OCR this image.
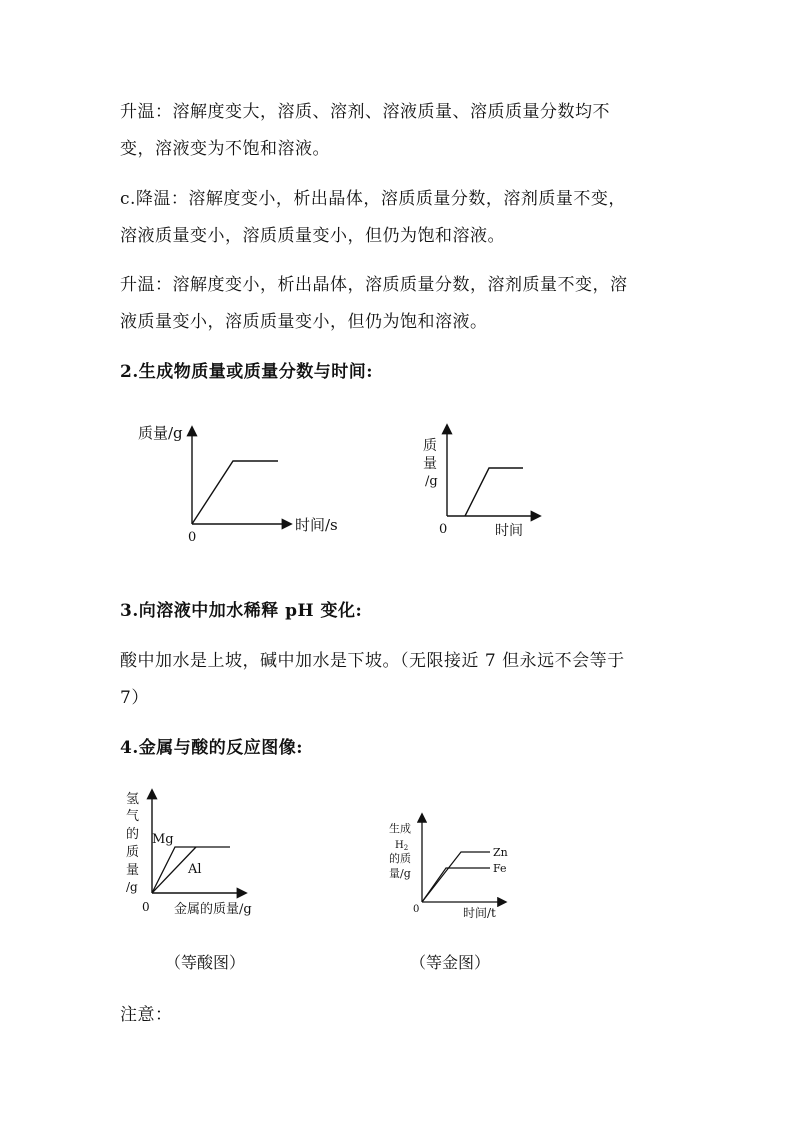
升温：溶解度变大，溶质、溶剂、溶液质量、溶质质量分数均不
变，溶液变为不饱和溶液。
c.降温：溶解度变小，析出晶体，溶质质量分数，溶剂质量不变，
溶液质量变小，溶质质量变小，但仍为饱和溶液。
升温：溶解度变小，析出晶体，溶质质量分数，溶剂质量不变，溶
液质量变小，溶质质量变小，但仍为饱和溶液。
2.生成物质量或质量分数与时间:
质量/g
时间/s
0
质
量
/g
时间
0
3.向溶液中加水稀释 pH 变化:
酸中加水是上坡，碱中加水是下坡。（无限接近 7 但永远不会等于
7）
4.金属与酸的反应图像:
氢
气
的
质
量
/g
Mg
Al
0 金属的质量/g
（等酸图）
生成
$H_2$
的质
量/g
Zn
Fe
0	时间/t
（等金图）
注意：
